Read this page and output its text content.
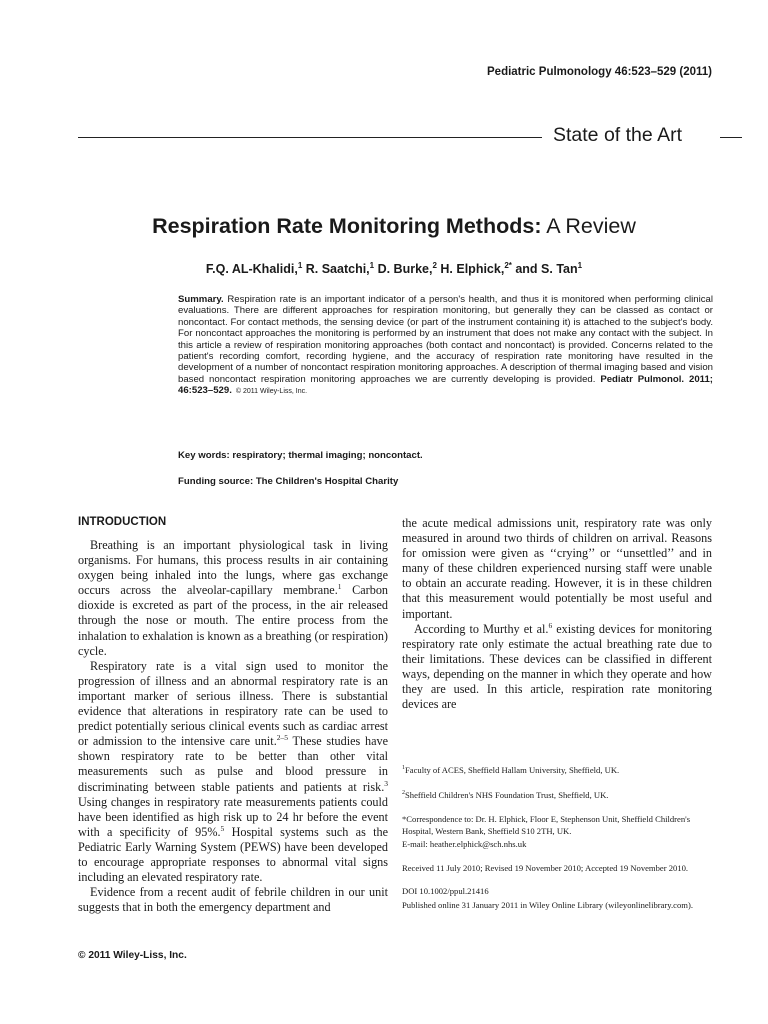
Pediatric Pulmonology 46:523–529 (2011)
State of the Art
Respiration Rate Monitoring Methods: A Review
F.Q. AL-Khalidi,$^1$ R. Saatchi,$^1$ D. Burke,$^2$ H. Elphick,$^{2*}$ and S. Tan$^1$
Summary. Respiration rate is an important indicator of a person's health, and thus it is monitored when performing clinical evaluations. There are different approaches for respiration monitoring, but generally they can be classed as contact or noncontact. For contact methods, the sensing device (or part of the instrument containing it) is attached to the subject's body. For noncontact approaches the monitoring is performed by an instrument that does not make any contact with the subject. In this article a review of respiration monitoring approaches (both contact and noncontact) is provided. Concerns related to the patient's recording comfort, recording hygiene, and the accuracy of respiration rate monitoring have resulted in the development of a number of noncontact respiration monitoring approaches. A description of thermal imaging based and vision based noncontact respiration monitoring approaches we are currently developing is provided. Pediatr Pulmonol. 2011; 46:523–529. © 2011 Wiley-Liss, Inc.
Key words: respiratory; thermal imaging; noncontact.
Funding source: The Children's Hospital Charity
INTRODUCTION

Breathing is an important physiological task in living organisms. For humans, this process results in air containing oxygen being inhaled into the lungs, where gas exchange occurs across the alveolar-capillary membrane.$^1$ Carbon dioxide is excreted as part of the process, in the air released through the nose or mouth. The entire process from the inhalation to exhalation is known as a breathing (or respiration) cycle.

Respiratory rate is a vital sign used to monitor the progression of illness and an abnormal respiratory rate is an important marker of serious illness. There is substantial evidence that alterations in respiratory rate can be used to predict potentially serious clinical events such as cardiac arrest or admission to the intensive care unit.$^{2-5}$ These studies have shown respiratory rate to be better than other vital measurements such as pulse and blood pressure in discriminating between stable patients and patients at risk.$^3$ Using changes in respiratory rate measurements patients could have been identified as high risk up to 24 hr before the event with a specificity of 95%.$^5$ Hospital systems such as the Pediatric Early Warning System (PEWS) have been developed to encourage appropriate responses to abnormal vital signs including an elevated respiratory rate.

Evidence from a recent audit of febrile children in our unit suggests that in both the emergency department and

the acute medical admissions unit, respiratory rate was only measured in around two thirds of children on arrival. Reasons for omission were given as ‘‘crying’’ or ‘‘unsettled’’ and in many of these children experienced nursing staff were unable to obtain an accurate reading. However, it is in these children that this measurement would potentially be most useful and important.

According to Murthy et al.$^6$ existing devices for monitoring respiratory rate only estimate the actual breathing rate due to their limitations. These devices can be classified in different ways, depending on the manner in which they operate and how they are used. In this article, respiration rate monitoring devices are

$^1$Faculty of ACES, Sheffield Hallam University, Sheffield, UK.

$^2$Sheffield Children's NHS Foundation Trust, Sheffield, UK.

*Correspondence to: Dr. H. Elphick, Floor E, Stephenson Unit, Sheffield Children's Hospital, Western Bank, Sheffield S10 2TH, UK.

E-mail: heather.elphick@sch.nhs.uk

Received 11 July 2010; Revised 19 November 2010; Accepted 19 November 2010.

DOI 10.1002/ppul.21416

Published online 31 January 2011 in Wiley Online Library (wileyonlinelibrary.com).

© 2011 Wiley-Liss, Inc.
